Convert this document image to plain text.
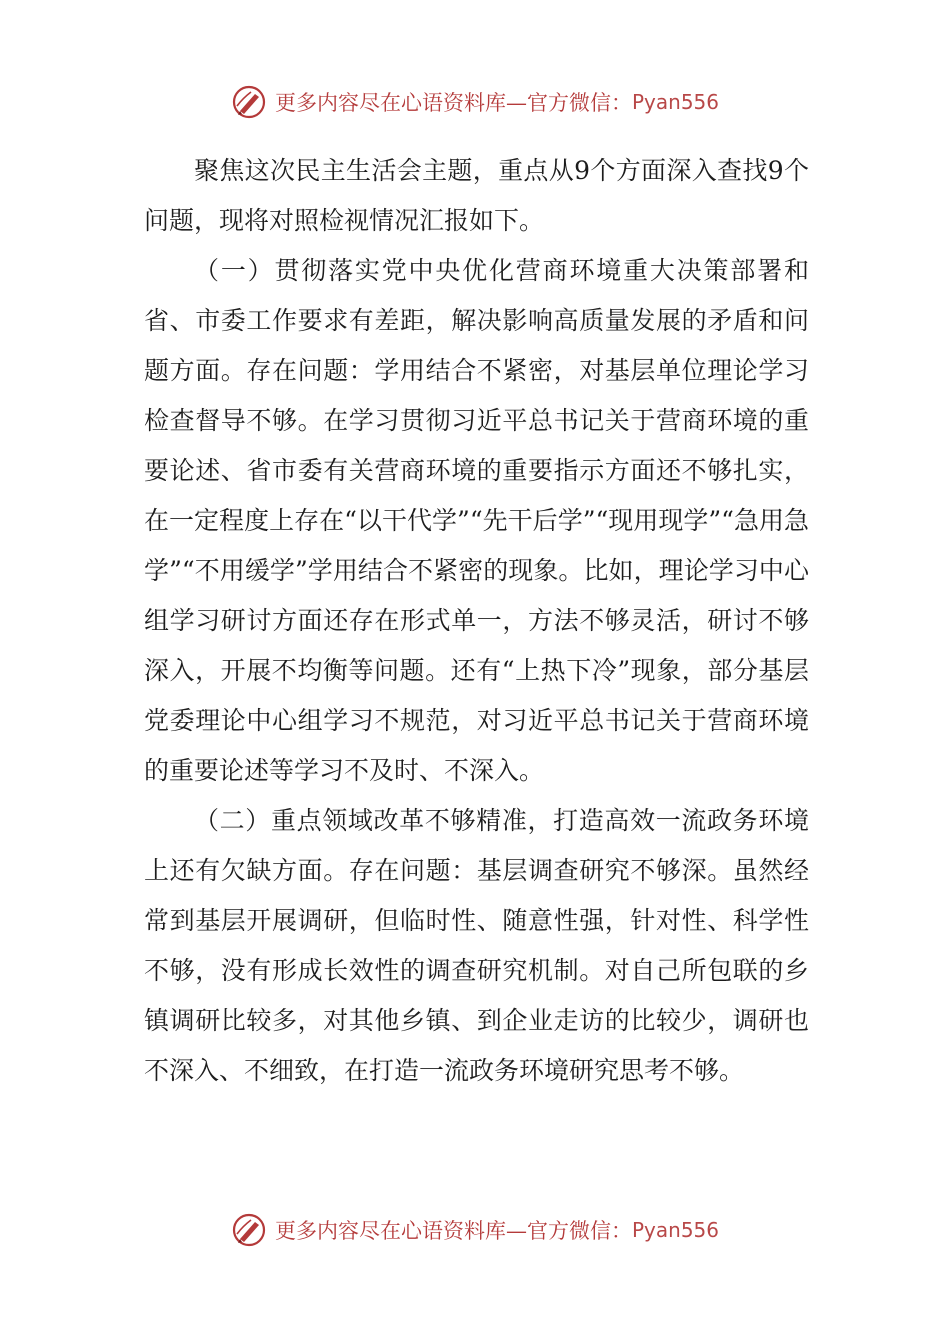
更多内容尽在心语资料库—官方微信： Pyan556

聚焦这次民主生活会主题，重点从9个方面深入查找9个问题，现将对照检视情况汇报如下。

（一）贯彻落实党中央优化营商环境重大决策部署和省、市委工作要求有差距，解决影响高质量发展的矛盾和问题方面。存在问题：学用结合不紧密，对基层单位理论学习检查督导不够。在学习贯彻习近平总书记关于营商环境的重要论述、省市委有关营商环境的重要指示方面还不够扎实，在一定程度上存在“以干代学”“先干后学”“现用现学”“急用急学”“不用缓学”学用结合不紧密的现象。比如，理论学习中心组学习研讨方面还存在形式单一，方法不够灵活，研讨不够深入，开展不均衡等问题。还有“上热下冷”现象，部分基层党委理论中心组学习不规范，对习近平总书记关于营商环境的重要论述等学习不及时、不深入。

（二）重点领域改革不够精准，打造高效一流政务环境上还有欠缺方面。存在问题：基层调查研究不够深。虽然经常到基层开展调研，但临时性、随意性强，针对性、科学性不够，没有形成长效性的调查研究机制。对自己所包联的乡镇调研比较多，对其他乡镇、到企业走访的比较少，调研也不深入、不细致，在打造一流政务环境研究思考不够。

更多内容尽在心语资料库—官方微信： Pyan556
